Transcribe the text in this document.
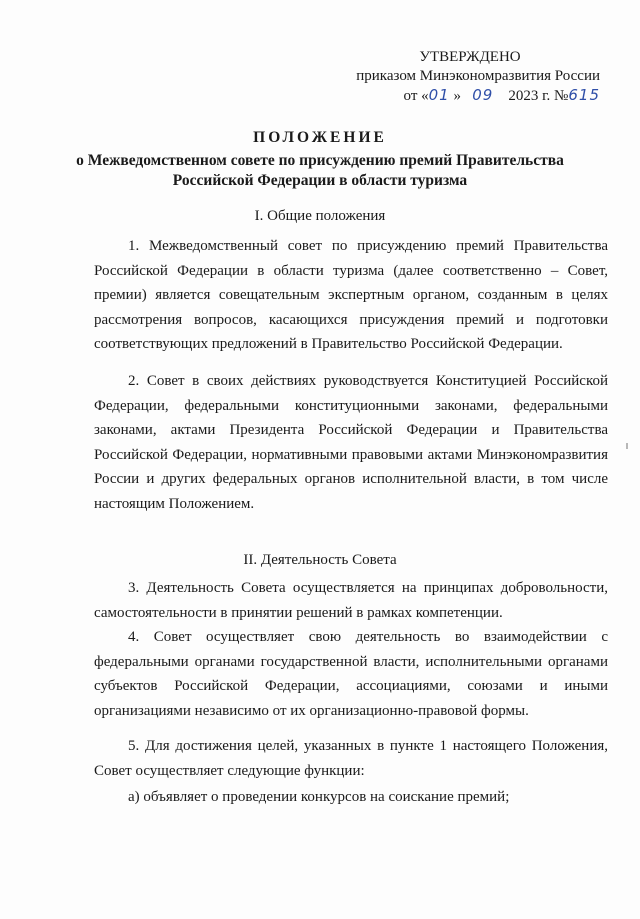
УТВЕРЖДЕНО
приказом Минэкономразвития России
от «01 » 09 2023 г. №615
ПОЛОЖЕНИЕ
о Межведомственном совете по присуждению премий Правительства
Российской Федерации в области туризма
I. Общие положения

1. Межведомственный совет по присуждению премий Правительства Российской Федерации в области туризма (далее соответственно – Совет, премии) является совещательным экспертным органом, созданным в целях рассмотрения вопросов, касающихся присуждения премий и подготовки соответствующих предложений в Правительство Российской Федерации.

2. Совет в своих действиях руководствуется Конституцией Российской Федерации, федеральными конституционными законами, федеральными законами, актами Президента Российской Федерации и Правительства Российской Федерации, нормативными правовыми актами Минэкономразвития России и других федеральных органов исполнительной власти, в том числе настоящим Положением.

II. Деятельность Совета

3. Деятельность Совета осуществляется на принципах добровольности, самостоятельности в принятии решений в рамках компетенции.

4. Совет осуществляет свою деятельность во взаимодействии с федеральными органами государственной власти, исполнительными органами субъектов Российской Федерации, ассоциациями, союзами и иными организациями независимо от их организационно-правовой формы.

5. Для достижения целей, указанных в пункте 1 настоящего Положения, Совет осуществляет следующие функции:

а) объявляет о проведении конкурсов на соискание премий;
